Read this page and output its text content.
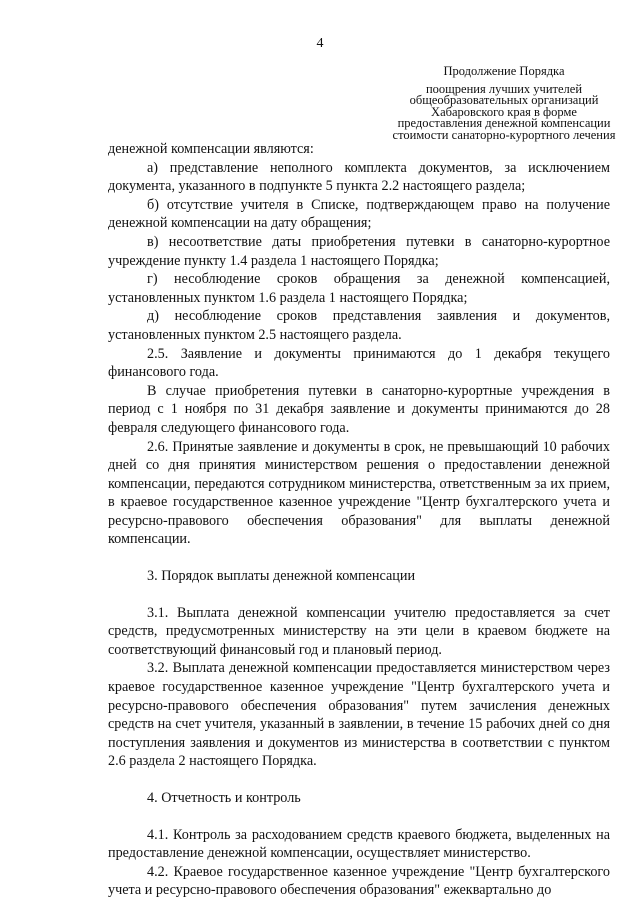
4
Продолжение Порядка
поощрения лучших учителей
общеобразовательных организаций
Хабаровского края в форме
предоставления денежной компенсации
стоимости санаторно-курортного лечения

денежной компенсации являются:

а) представление неполного комплекта документов, за исключением документа, указанного в подпункте 5 пункта 2.2 настоящего раздела;

б) отсутствие учителя в Списке, подтверждающем право на получение денежной компенсации на дату обращения;

в) несоответствие даты приобретения путевки в санаторно-курортное учреждение пункту 1.4 раздела 1 настоящего Порядка;

г) несоблюдение сроков обращения за денежной компенсацией, установленных пунктом 1.6 раздела 1 настоящего Порядка;

д) несоблюдение сроков представления заявления и документов, установленных пунктом 2.5 настоящего раздела.

2.5. Заявление и документы принимаются до 1 декабря текущего финансового года.

В случае приобретения путевки в санаторно-курортные учреждения в период с 1 ноября по 31 декабря заявление и документы принимаются до 28 февраля следующего финансового года.

2.6. Принятые заявление и документы в срок, не превышающий 10 рабочих дней со дня принятия министерством решения о предоставлении денежной компенсации, передаются сотрудником министерства, ответственным за их прием, в краевое государственное казенное учреждение "Центр бухгалтерского учета и ресурсно-правового обеспечения образования" для выплаты денежной компенсации.

3. Порядок выплаты денежной компенсации

3.1. Выплата денежной компенсации учителю предоставляется за счет средств, предусмотренных министерству на эти цели в краевом бюджете на соответствующий финансовый год и плановый период.

3.2. Выплата денежной компенсации предоставляется министерством через краевое государственное казенное учреждение "Центр бухгалтерского учета и ресурсно-правового обеспечения образования" путем зачисления денежных средств на счет учителя, указанный в заявлении, в течение 15 рабочих дней со дня поступления заявления и документов из министерства в соответствии с пунктом 2.6 раздела 2 настоящего Порядка.

4. Отчетность и контроль

4.1. Контроль за расходованием средств краевого бюджета, выделенных на предоставление денежной компенсации, осуществляет министерство.

4.2. Краевое государственное казенное учреждение "Центр бухгалтерского учета и ресурсно-правового обеспечения образования" ежеквартально до
